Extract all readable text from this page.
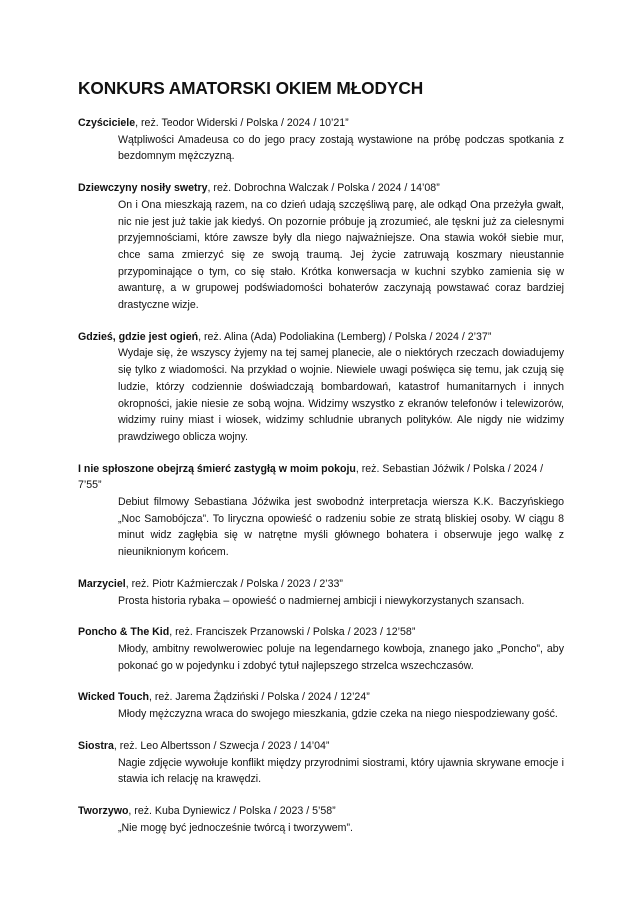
KONKURS AMATORSKI OKIEM MŁODYCH

Czyściciele, reż. Teodor Widerski / Polska / 2024 / 10’21”

Wątpliwości Amadeusa co do jego pracy zostają wystawione na próbę podczas spotkania z bezdomnym mężczyzną.

Dziewczyny nosiły swetry, reż. Dobrochna Walczak / Polska / 2024 / 14’08”

On i Ona mieszkają razem, na co dzień udają szczęśliwą parę, ale odkąd Ona przeżyła gwałt, nic nie jest już takie jak kiedyś. On pozornie próbuje ją zrozumieć, ale tęskni już za cielesnymi przyjemnościami, które zawsze były dla niego najważniejsze. Ona stawia wokół siebie mur, chce sama zmierzyć się ze swoją traumą. Jej życie zatruwają koszmary nieustannie przypominające o tym, co się stało. Krótka konwersacja w kuchni szybko zamienia się w awanturę, a w grupowej podświadomości bohaterów zaczynają powstawać coraz bardziej drastyczne wizje.

Gdzieś, gdzie jest ogień, reż. Alina (Ada) Podoliakina (Lemberg) / Polska / 2024 / 2’37”

Wydaje się, że wszyscy żyjemy na tej samej planecie, ale o niektórych rzeczach dowiadujemy się tylko z wiadomości. Na przykład o wojnie. Niewiele uwagi poświęca się temu, jak czują się ludzie, którzy codziennie doświadczają bombardowań, katastrof humanitarnych i innych okropności, jakie niesie ze sobą wojna. Widzimy wszystko z ekranów telefonów i telewizorów, widzimy ruiny miast i wiosek, widzimy schludnie ubranych polityków. Ale nigdy nie widzimy prawdziwego oblicza wojny.

I nie spłoszone obejrzą śmierć zastygłą w moim pokoju, reż. Sebastian Jóźwik / Polska / 2024 / 7’55”

Debiut filmowy Sebastiana Jóźwika jest swobodnż interpretacja wiersza K.K. Baczyńskiego „Noc Samobójcza”. To liryczna opowieść o radzeniu sobie ze stratą bliskiej osoby. W ciągu 8 minut widz zagłębia się w natrętne myśli głównego bohatera i obserwuje jego walkę z nieuniknionym końcem.

Marzyciel, reż. Piotr Kaźmierczak / Polska / 2023 / 2’33”

Prosta historia rybaka – opowieść o nadmiernej ambicji i niewykorzystanych szansach.

Poncho & The Kid, reż. Franciszek Przanowski / Polska / 2023 / 12’58”

Młody, ambitny rewolwerowiec poluje na legendarnego kowboja, znanego jako „Poncho”, aby pokonać go w pojedynku i zdobyć tytuł najlepszego strzelca wszechczasów.

Wicked Touch, reż. Jarema Żądziński / Polska / 2024 / 12’24”

Młody mężczyzna wraca do swojego mieszkania, gdzie czeka na niego niespodziewany gość.

Siostra, reż. Leo Albertsson / Szwecja / 2023 / 14’04”

Nagie zdjęcie wywołuje konflikt między przyrodnimi siostrami, który ujawnia skrywane emocje i stawia ich relację na krawędzi.

Tworzywo, reż. Kuba Dyniewicz / Polska / 2023 / 5’58”

„Nie mogę być jednocześnie twórcą i tworzywem”.
